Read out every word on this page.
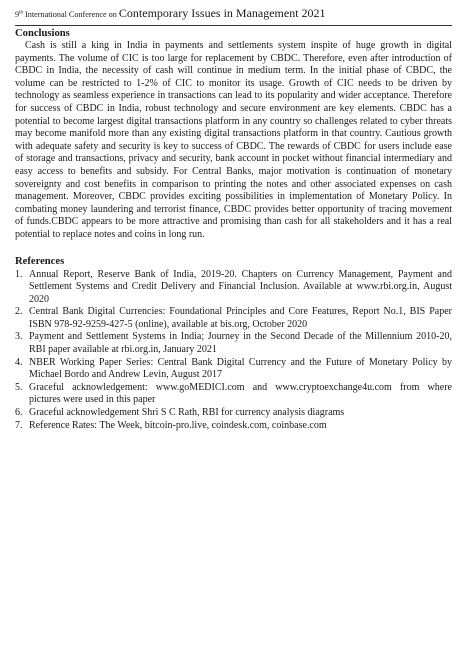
9th International Conference on Contemporary Issues in Management 2021
Conclusions

Cash is still a king in India in payments and settlements system inspite of huge growth in digital payments. The volume of CIC is too large for replacement by CBDC. Therefore, even after introduction of CBDC in India, the necessity of cash will continue in medium term. In the initial phase of CBDC, the volume can be restricted to 1-2% of CIC to monitor its usage. Growth of CIC needs to be driven by technology as seamless experience in transactions can lead to its popularity and wider acceptance. Therefore for success of CBDC in India, robust technology and secure environment are key elements. CBDC has a potential to become largest digital transactions platform in any country so challenges related to cyber threats may become manifold more than any existing digital transactions platform in that country. Cautious growth with adequate safety and security is key to success of CBDC. The rewards of CBDC for users include ease of storage and transactions, privacy and security, bank account in pocket without financial intermediary and easy access to benefits and subsidy. For Central Banks, major motivation is continuation of monetary sovereignty and cost benefits in comparison to printing the notes and other associated expenses on cash management. Moreover, CBDC provides exciting possibilities in implementation of Monetary Policy. In combating money laundering and terrorist finance, CBDC provides better opportunity of tracing movement of funds.CBDC appears to be more attractive and promising than cash for all stakeholders and it has a real potential to replace notes and coins in long run.

References
1. Annual Report, Reserve Bank of India, 2019-20. Chapters on Currency Management, Payment and Settlement Systems and Credit Delivery and Financial Inclusion. Available at www.rbi.org.in, August 2020
2. Central Bank Digital Currencies: Foundational Principles and Core Features, Report No.1, BIS Paper ISBN 978-92-9259-427-5 (online), available at bis.org, October 2020
3. Payment and Settlement Systems in India; Journey in the Second Decade of the Millennium 2010-20, RBI paper available at rbi.org.in, January 2021
4. NBER Working Paper Series: Central Bank Digital Currency and the Future of Monetary Policy by Michael Bordo and Andrew Levin, August 2017
5. Graceful acknowledgement: www.goMEDICI.com and www.cryptoexchange4u.com from where pictures were used in this paper
6. Graceful acknowledgement Shri S C Rath, RBI for currency analysis diagrams
7. Reference Rates: The Week, bitcoin-pro.live, coindesk.com, coinbase.com
